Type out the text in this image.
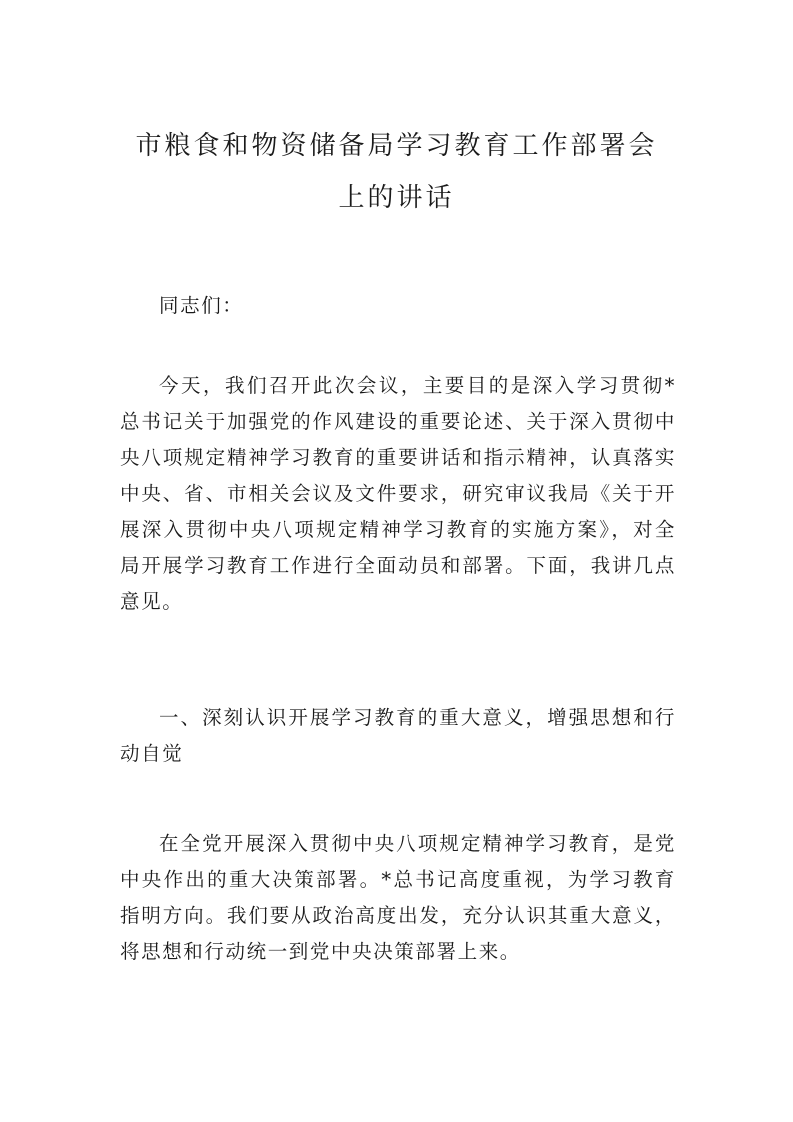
市粮食和物资储备局学习教育工作部署会
上的讲话

同志们：

今天，我们召开此次会议，主要目的是深入学习贯彻*总书记关于加强党的作风建设的重要论述、关于深入贯彻中央八项规定精神学习教育的重要讲话和指示精神，认真落实中央、省、市相关会议及文件要求，研究审议我局《关于开展深入贯彻中央八项规定精神学习教育的实施方案》，对全局开展学习教育工作进行全面动员和部署。下面，我讲几点意见。

一、深刻认识开展学习教育的重大意义，增强思想和行动自觉

在全党开展深入贯彻中央八项规定精神学习教育，是党中央作出的重大决策部署。*总书记高度重视，为学习教育指明方向。我们要从政治高度出发，充分认识其重大意义，将思想和行动统一到党中央决策部署上来。
